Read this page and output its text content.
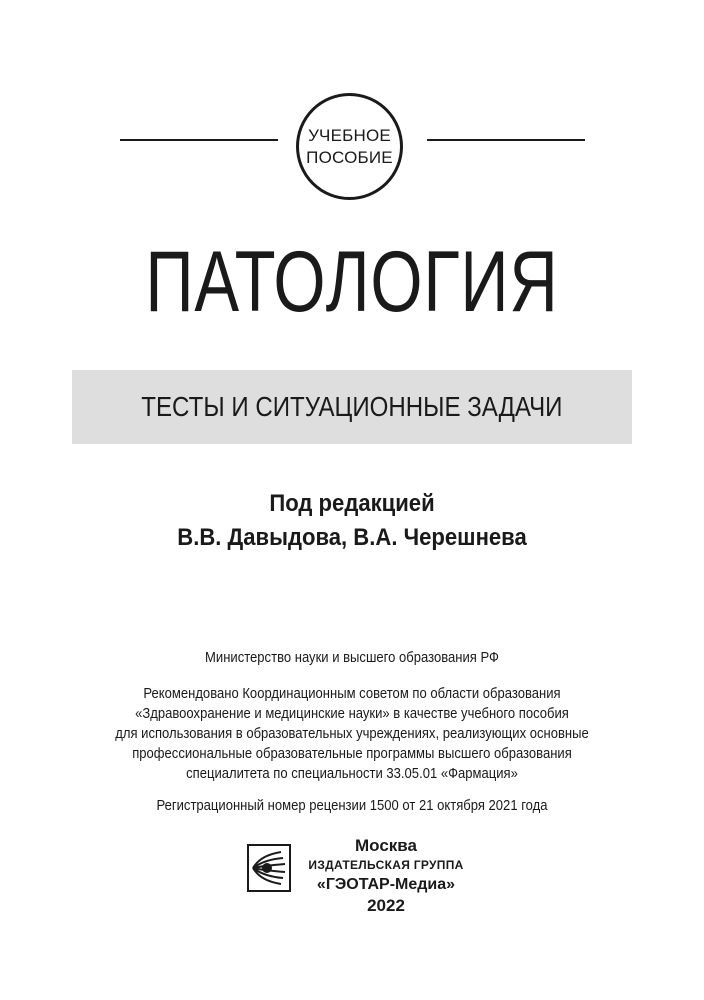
УЧЕБНОЕ
ПОСОБИЕ
ПАТОЛОГИЯ
ТЕСТЫ И СИТУАЦИОННЫЕ ЗАДАЧИ
Под редакцией
В.В. Давыдова, В.А. Черешнева
Министерство науки и высшего образования РФ
Рекомендовано Координационным советом по области образования
«Здравоохранение и медицинские науки» в качестве учебного пособия
для использования в образовательных учреждениях, реализующих основные
профессиональные образовательные программы высшего образования
специалитета по специальности 33.05.01 «Фармация»
Регистрационный номер рецензии 1500 от 21 октября 2021 года
Москва
ИЗДАТЕЛЬСКАЯ ГРУППА
«ГЭОТАР-Медиа»
2022
